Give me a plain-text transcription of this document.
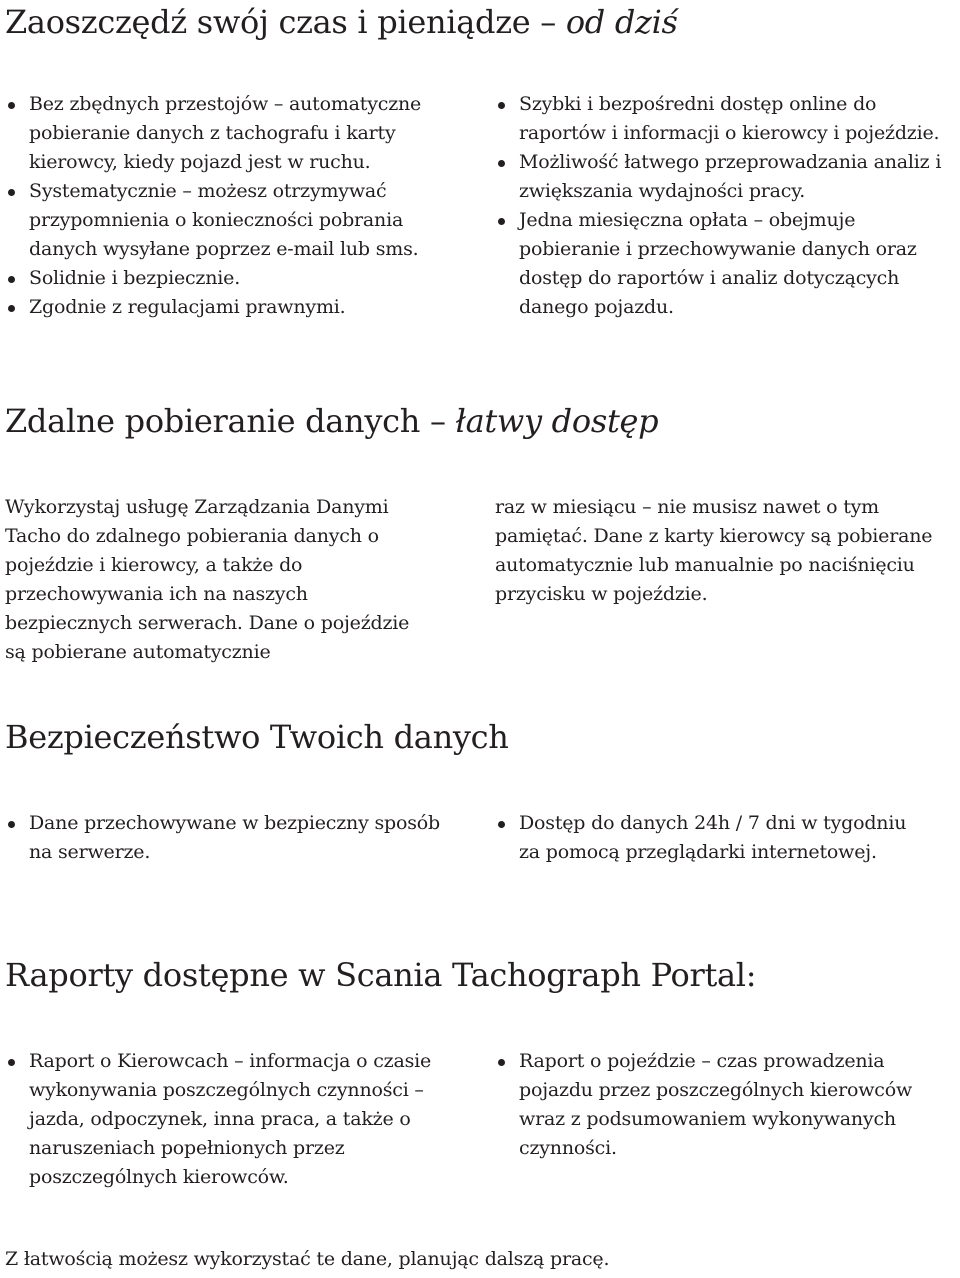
Zaoszczędź swój czas i pieniądze – od dziś
Bez zbędnych przestojów – automatyczne pobieranie danych z tachografu i karty kierowcy, kiedy pojazd jest w ruchu.
Systematycznie – możesz otrzymywać przypomnienia o konieczności pobrania danych wysyłane poprzez e-mail lub sms.
Solidnie i bezpiecznie.
Zgodnie z regulacjami prawnymi.
Szybki i bezpośredni dostęp online do raportów i informacji o kierowcy i pojeździe.
Możliwość łatwego przeprowadzania analiz i zwiększania wydajności pracy.
Jedna miesięczna opłata – obejmuje pobieranie i przechowywanie danych oraz dostęp do raportów i analiz dotyczących danego pojazdu.
Zdalne pobieranie danych – łatwy dostęp

Wykorzystaj usługę Zarządzania Danymi Tacho do zdalnego pobierania danych o pojeździe i kierowcy, a także do przechowywania ich na naszych bezpiecznych serwerach. Dane o pojeździe są pobierane automatycznie

raz w miesiącu – nie musisz nawet o tym pamiętać. Dane z karty kierowcy są pobierane automatycznie lub manualnie po naciśnięciu przycisku w pojeździe.

Bezpieczeństwo Twoich danych
Dane przechowywane w bezpieczny sposób na serwerze.
Dostęp do danych 24h / 7 dni w tygodniu za pomocą przeglądarki internetowej.
Raporty dostępne w Scania Tachograph Portal:
Raport o Kierowcach – informacja o czasie wykonywania poszczególnych czynności – jazda, odpoczynek, inna praca, a także o naruszeniach popełnionych przez poszczególnych kierowców.
Raport o pojeździe – czas prowadzenia pojazdu przez poszczególnych kierowców wraz z podsumowaniem wykonywanych czynności.

Z łatwością możesz wykorzystać te dane, planując dalszą pracę.
